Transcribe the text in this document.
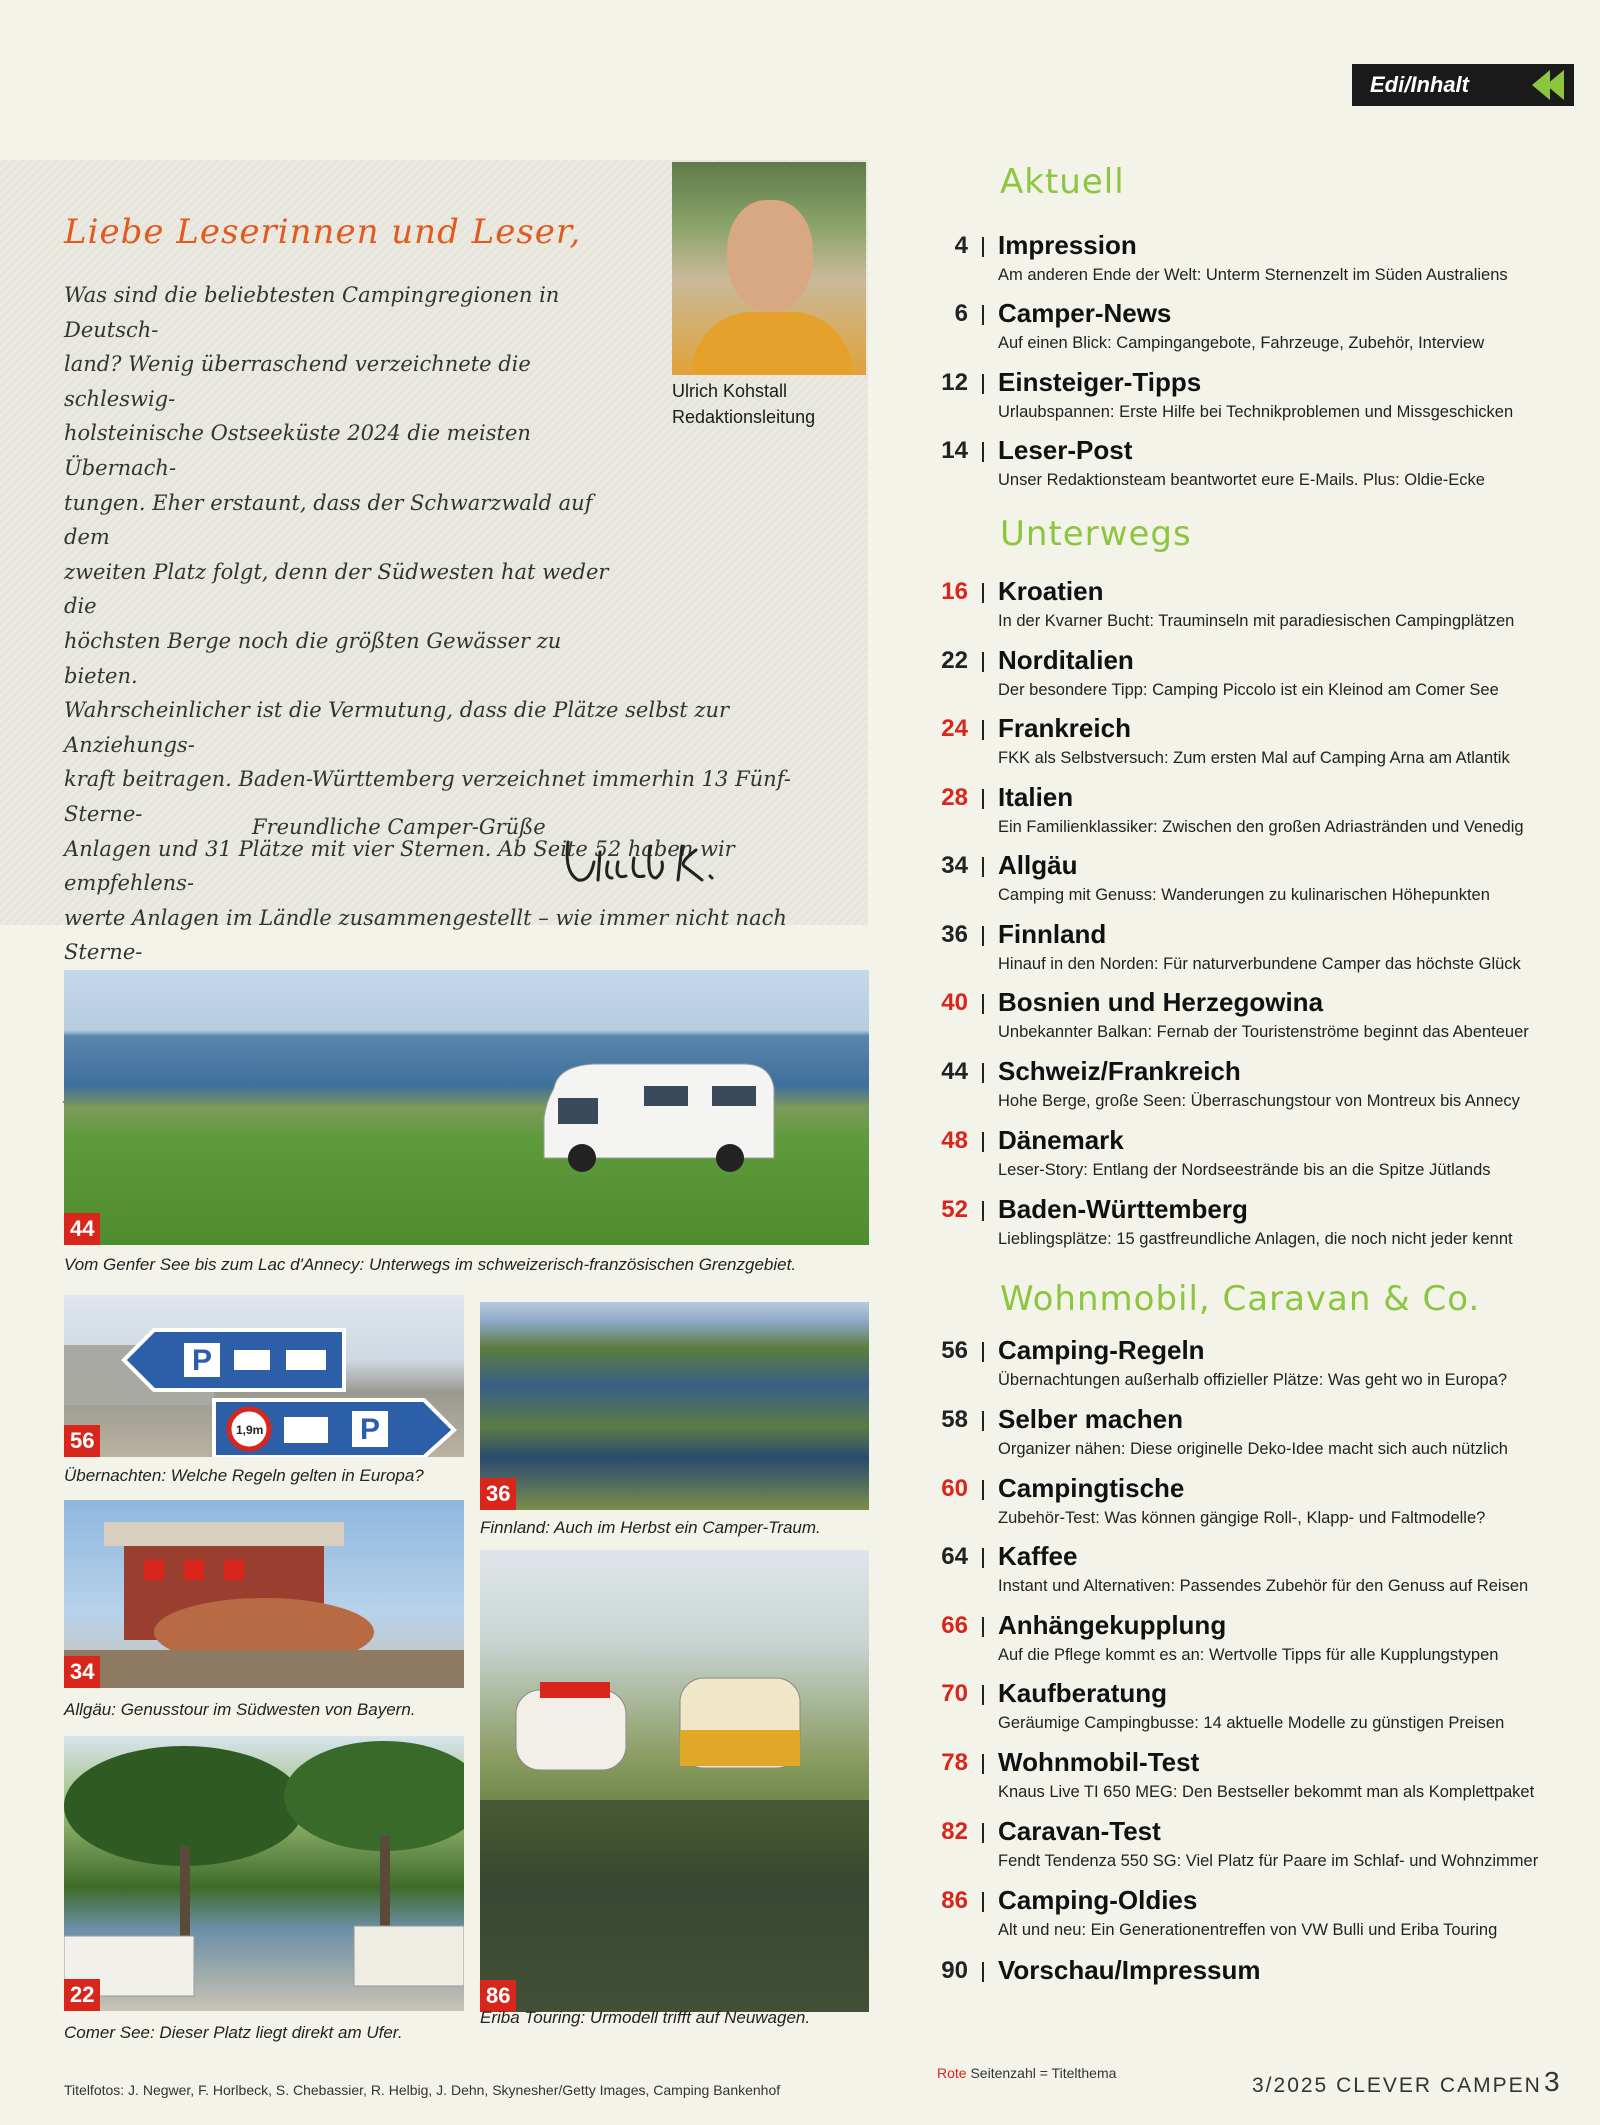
Edi/Inhalt
Liebe Leserinnen und Leser,
Ulrich Kohstall
Redaktionsleitung
Was sind die beliebtesten Campingregionen in Deutsch-
land? Wenig überraschend verzeichnete die schleswig-
holsteinische Ostseeküste 2024 die meisten Übernach-
tungen. Eher erstaunt, dass der Schwarzwald auf dem
zweiten Platz folgt, denn der Südwesten hat weder die
höchsten Berge noch die größten Gewässer zu bieten.
Wahrscheinlicher ist die Vermutung, dass die Plätze selbst zur Anziehungs-
kraft beitragen. Baden-Württemberg verzeichnet immerhin 13 Fünf-Sterne-
Anlagen und 31 Plätze mit vier Sternen. Ab Seite 52 haben wir empfehlens-
werte Anlagen im Ländle zusammengestellt – wie immer nicht nach Sterne-
Freundliche Camper-Grüße
44
Vom Genfer See bis zum Lac d'Annecy: Unterwegs im schweizerisch-französischen Grenzgebiet.
P
1,9m	P
56
Übernachten: Welche Regeln gelten in Europa?
36
Finnland: Auch im Herbst ein Camper-Traum.
34
Allgäu: Genusstour im Südwesten von Bayern.
22
Comer See: Dieser Platz liegt direkt am Ufer.
86
Eriba Touring: Urmodell trifft auf Neuwagen.
Aktuell
Unterwegs
Wohnmobil, Caravan & Co.
4 Impression
Am anderen Ende der Welt: Unterm Sternenzelt im Süden Australiens
6 Camper-News
Auf einen Blick: Campingangebote, Fahrzeuge, Zubehör, Interview
12 Einsteiger-Tipps
Urlaubspannen: Erste Hilfe bei Technikproblemen und Missgeschicken
14 Leser-Post
Unser Redaktionsteam beantwortet eure E-Mails. Plus: Oldie-Ecke
16 Kroatien
In der Kvarner Bucht: Trauminseln mit paradiesischen Campingplätzen
22 Norditalien
Der besondere Tipp: Camping Piccolo ist ein Kleinod am Comer See
24 Frankreich
FKK als Selbstversuch: Zum ersten Mal auf Camping Arna am Atlantik
28 Italien
Ein Familienklassiker: Zwischen den großen Adriastränden und Venedig
34 Allgäu
Camping mit Genuss: Wanderungen zu kulinarischen Höhepunkten
36 Finnland
Hinauf in den Norden: Für naturverbundene Camper das höchste Glück
40 Bosnien und Herzegowina
Unbekannter Balkan: Fernab der Touristenströme beginnt das Abenteuer
44 Schweiz/Frankreich
Hohe Berge, große Seen: Überraschungstour von Montreux bis Annecy
48 Dänemark
Leser-Story: Entlang der Nordseestrände bis an die Spitze Jütlands
52 Baden-Württemberg
Lieblingsplätze: 15 gastfreundliche Anlagen, die noch nicht jeder kennt
56 Camping-Regeln
Übernachtungen außerhalb offizieller Plätze: Was geht wo in Europa?
58 Selber machen
Organizer nähen: Diese originelle Deko-Idee macht sich auch nützlich
60 Campingtische
Zubehör-Test: Was können gängige Roll-, Klapp- und Faltmodelle?
64 Kaffee
Instant und Alternativen: Passendes Zubehör für den Genuss auf Reisen
66 Anhängekupplung
Auf die Pflege kommt es an: Wertvolle Tipps für alle Kupplungstypen
70 Kaufberatung
Geräumige Campingbusse: 14 aktuelle Modelle zu günstigen Preisen
78 Wohnmobil-Test
Knaus Live TI 650 MEG: Den Bestseller bekommt man als Komplettpaket
82 Caravan-Test
Fendt Tendenza 550 SG: Viel Platz für Paare im Schlaf- und Wohnzimmer
86 Camping-Oldies
Alt und neu: Ein Generationentreffen von VW Bulli und Eriba Touring
90 Vorschau/Impressum
Titelfotos: J. Negwer, F. Horlbeck, S. Chebassier, R. Helbig, J. Dehn, Skynesher/Getty Images, Camping Bankenhof
Rote Seitenzahl = Titelthema
3/2025 CLEVER CAMPEN 3
